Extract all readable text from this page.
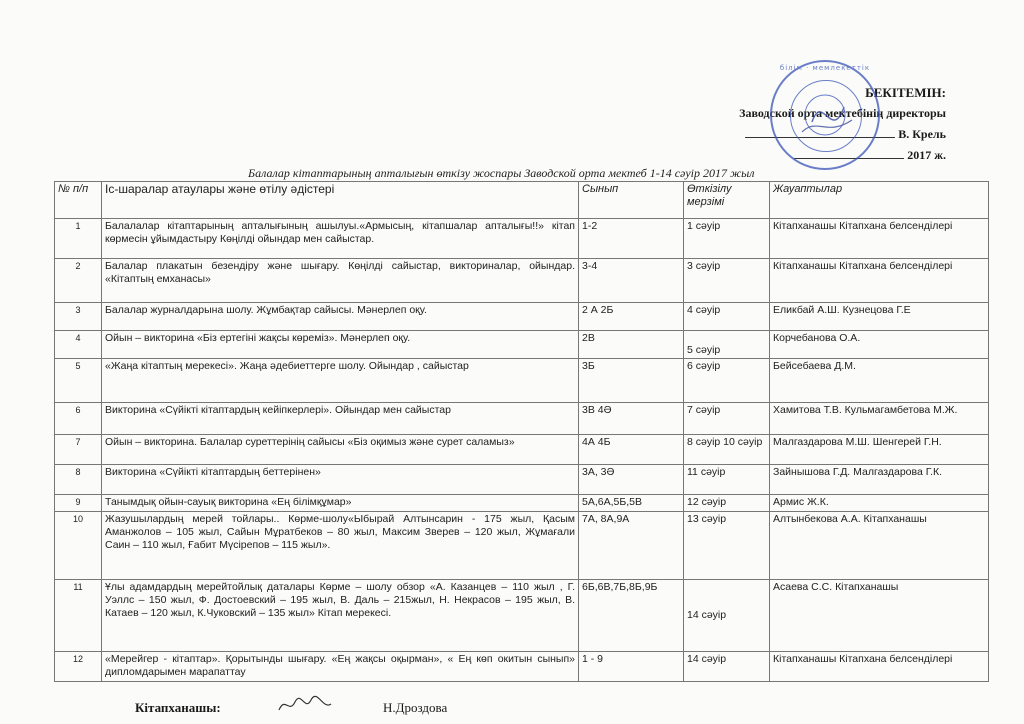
БЕКІТЕМІН:
Заводской орта мектебінің директоры
В. Крель
2017 ж.
білім · мемлекеттік
Балалар кітаптарының апталығын өткізу жоспары Заводской орта мектеб 1-14 сәуір 2017 жыл
№ п/п	Іс-шаралар атаулары және өтілу әдістері	Сынып	Өткізілу мерзімі	Жауаптылар
1	Балалалар кітаптарының апталығының ашылуы.«Армысың, кітапшалар апталығы!!» кітап көрмесін ұйымдастыру Көңілді ойындар мен сайыстар.	1-2	1 сәуір	Кітапханашы Кітапхана белсенділері
2	Балалар плакатын безендіру және шығару. Көңілді сайыстар, викториналар, ойындар. «Кітаптың емханасы»	3-4	3 сәуір	Кітапханашы Кітапхана белсенділері
3	Балалар журналдарына шолу. Жұмбақтар сайысы. Мәнерлеп оқу.	2 А 2Б	4 сәуір	Еликбай А.Ш. Кузнецова Г.Е
4	Ойын – викторина «Біз ертегіні жақсы көреміз». Мәнерлеп оқу.	2В	5 сәуір	Корчебанова О.А.
5	«Жаңа кітаптың мерекесі». Жаңа әдебиеттерге шолу. Ойындар , сайыстар	3Б	6 сәуір	Бейсебаева Д.М.
6	Викторина «Сүйікті кітаптардың кейіпкерлері». Ойындар мен сайыстар	3В 4Ә	7 сәуір	Хамитова Т.В. Кульмагамбетова М.Ж.
7	Ойын – викторина. Балалар суреттерінің сайысы «Біз оқимыз және сурет саламыз»	4А 4Б	8 сәуір 10 сәуір	Малгаздарова М.Ш. Шенгерей Г.Н.
8	Викторина «Сүйікті кітаптардың беттерінен»	3А, 3Ә	11 сәуір	Зайнышова Г.Д. Малгаздарова Г.К.
9	Танымдық ойын-сауық викторина «Ең білімқұмар»	5А,6А,5Б,5В	12 сәуір	Армис Ж.К.
10	Жазушылардың мерей тойлары.. Көрме-шолу«Ыбырай Алтынсарин - 175 жыл, Қасым Аманжолов – 105 жыл, Сайын Мұратбеков – 80 жыл, Максим Зверев – 120 жыл, Жұмағали Саин – 110 жыл, Ғабит Мүсірепов – 115 жыл».	7А, 8А,9А	13 сәуір	Алтынбекова А.А. Кітапханашы
11	Ұлы адамдардың мерейтойлық даталары Көрме – шолу обзор «А. Казанцев – 110 жыл , Г. Уэллс – 150 жыл, Ф. Достоевский – 195 жыл, В. Даль – 215жыл, Н. Некрасов – 195 жыл, В. Катаев – 120 жыл, К.Чуковский – 135 жыл» Кітап мерекесі.	6Б,6В,7Б,8Б,9Б	14 сәуір	Асаева С.С. Кітапханашы
12	«Мерейгер - кітаптар». Қорытынды шығару. «Ең жақсы оқырман», « Ең көп окитын сынып» дипломдарымен марапаттау	1 - 9	14 сәуір	Кітапханашы Кітапхана белсенділері
Кітапханашы:	Н.Дроздова
